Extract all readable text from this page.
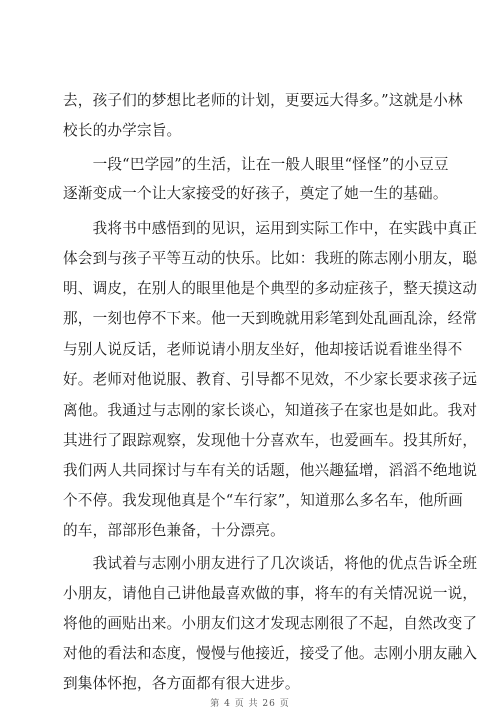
去，孩子们的梦想比老师的计划，更要远大得多。”这就是小林
校长的办学宗旨。
　　一段“巴学园”的生活，让在一般人眼里“怪怪”的小豆豆
逐渐变成一个让大家接受的好孩子，奠定了她一生的基础。
　　我将书中感悟到的见识，运用到实际工作中，在实践中真正
体会到与孩子平等互动的快乐。比如：我班的陈志刚小朋友，聪
明、调皮，在别人的眼里他是个典型的多动症孩子，整天摸这动
那，一刻也停不下来。他一天到晚就用彩笔到处乱画乱涂，经常
与别人说反话，老师说请小朋友坐好，他却接话说看谁坐得不
好。老师对他说服、教育、引导都不见效，不少家长要求孩子远
离他。我通过与志刚的家长谈心，知道孩子在家也是如此。我对
其进行了跟踪观察，发现他十分喜欢车，也爱画车。投其所好，
我们两人共同探讨与车有关的话题，他兴趣猛增，滔滔不绝地说
个不停。我发现他真是个“车行家”，知道那么多名车，他所画
的车，部部形色兼备，十分漂亮。
　　我试着与志刚小朋友进行了几次谈话，将他的优点告诉全班
小朋友，请他自己讲他最喜欢做的事，将车的有关情况说一说，
将他的画贴出来。小朋友们这才发现志刚很了不起，自然改变了
对他的看法和态度，慢慢与他接近，接受了他。志刚小朋友融入
到集体怀抱，各方面都有很大进步。
第 4 页 共 26 页
